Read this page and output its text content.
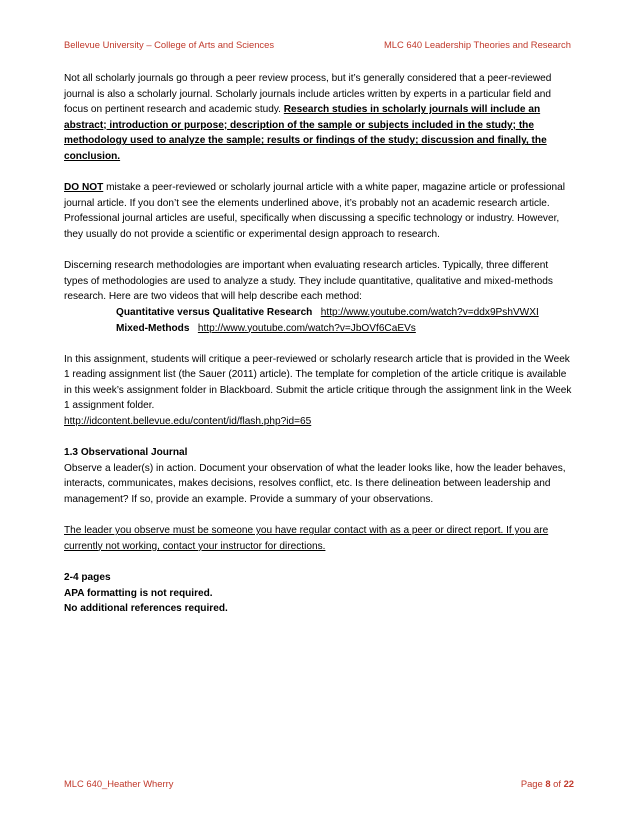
Bellevue University – College of Arts and Sciences	MLC 640 Leadership Theories and Research

Not all scholarly journals go through a peer review process, but it’s generally considered that a peer-reviewed journal is also a scholarly journal. Scholarly journals include articles written by experts in a particular field and focus on pertinent research and academic study. Research studies in scholarly journals will include an abstract; introduction or purpose; description of the sample or subjects included in the study; the methodology used to analyze the sample; results or findings of the study; discussion and finally, the conclusion.

DO NOT mistake a peer-reviewed or scholarly journal article with a white paper, magazine article or professional journal article. If you don’t see the elements underlined above, it’s probably not an academic research article. Professional journal articles are useful, specifically when discussing a specific technology or industry. However, they usually do not provide a scientific or experimental design approach to research.

Discerning research methodologies are important when evaluating research articles. Typically, three different types of methodologies are used to analyze a study. They include quantitative, qualitative and mixed-methods research. Here are two videos that will help describe each method:
Quantitative versus Qualitative Research http://www.youtube.com/watch?v=ddx9PshVWXI
Mixed-Methods http://www.youtube.com/watch?v=JbOVf6CaEVs

In this assignment, students will critique a peer-reviewed or scholarly research article that is provided in the Week 1 reading assignment list (the Sauer (2011) article). The template for completion of the article critique is available in this week’s assignment folder in Blackboard. Submit the article critique through the assignment link in the Week 1 assignment folder.
http://idcontent.bellevue.edu/content/id/flash.php?id=65

1.3 Observational Journal
Observe a leader(s) in action. Document your observation of what the leader looks like, how the leader behaves, interacts, communicates, makes decisions, resolves conflict, etc. Is there delineation between leadership and management? If so, provide an example. Provide a summary of your observations.

The leader you observe must be someone you have regular contact with as a peer or direct report. If you are currently not working, contact your instructor for directions.

2-4 pages
APA formatting is not required.
No additional references required.

MLC 640_Heather Wherry	Page 8 of 22
